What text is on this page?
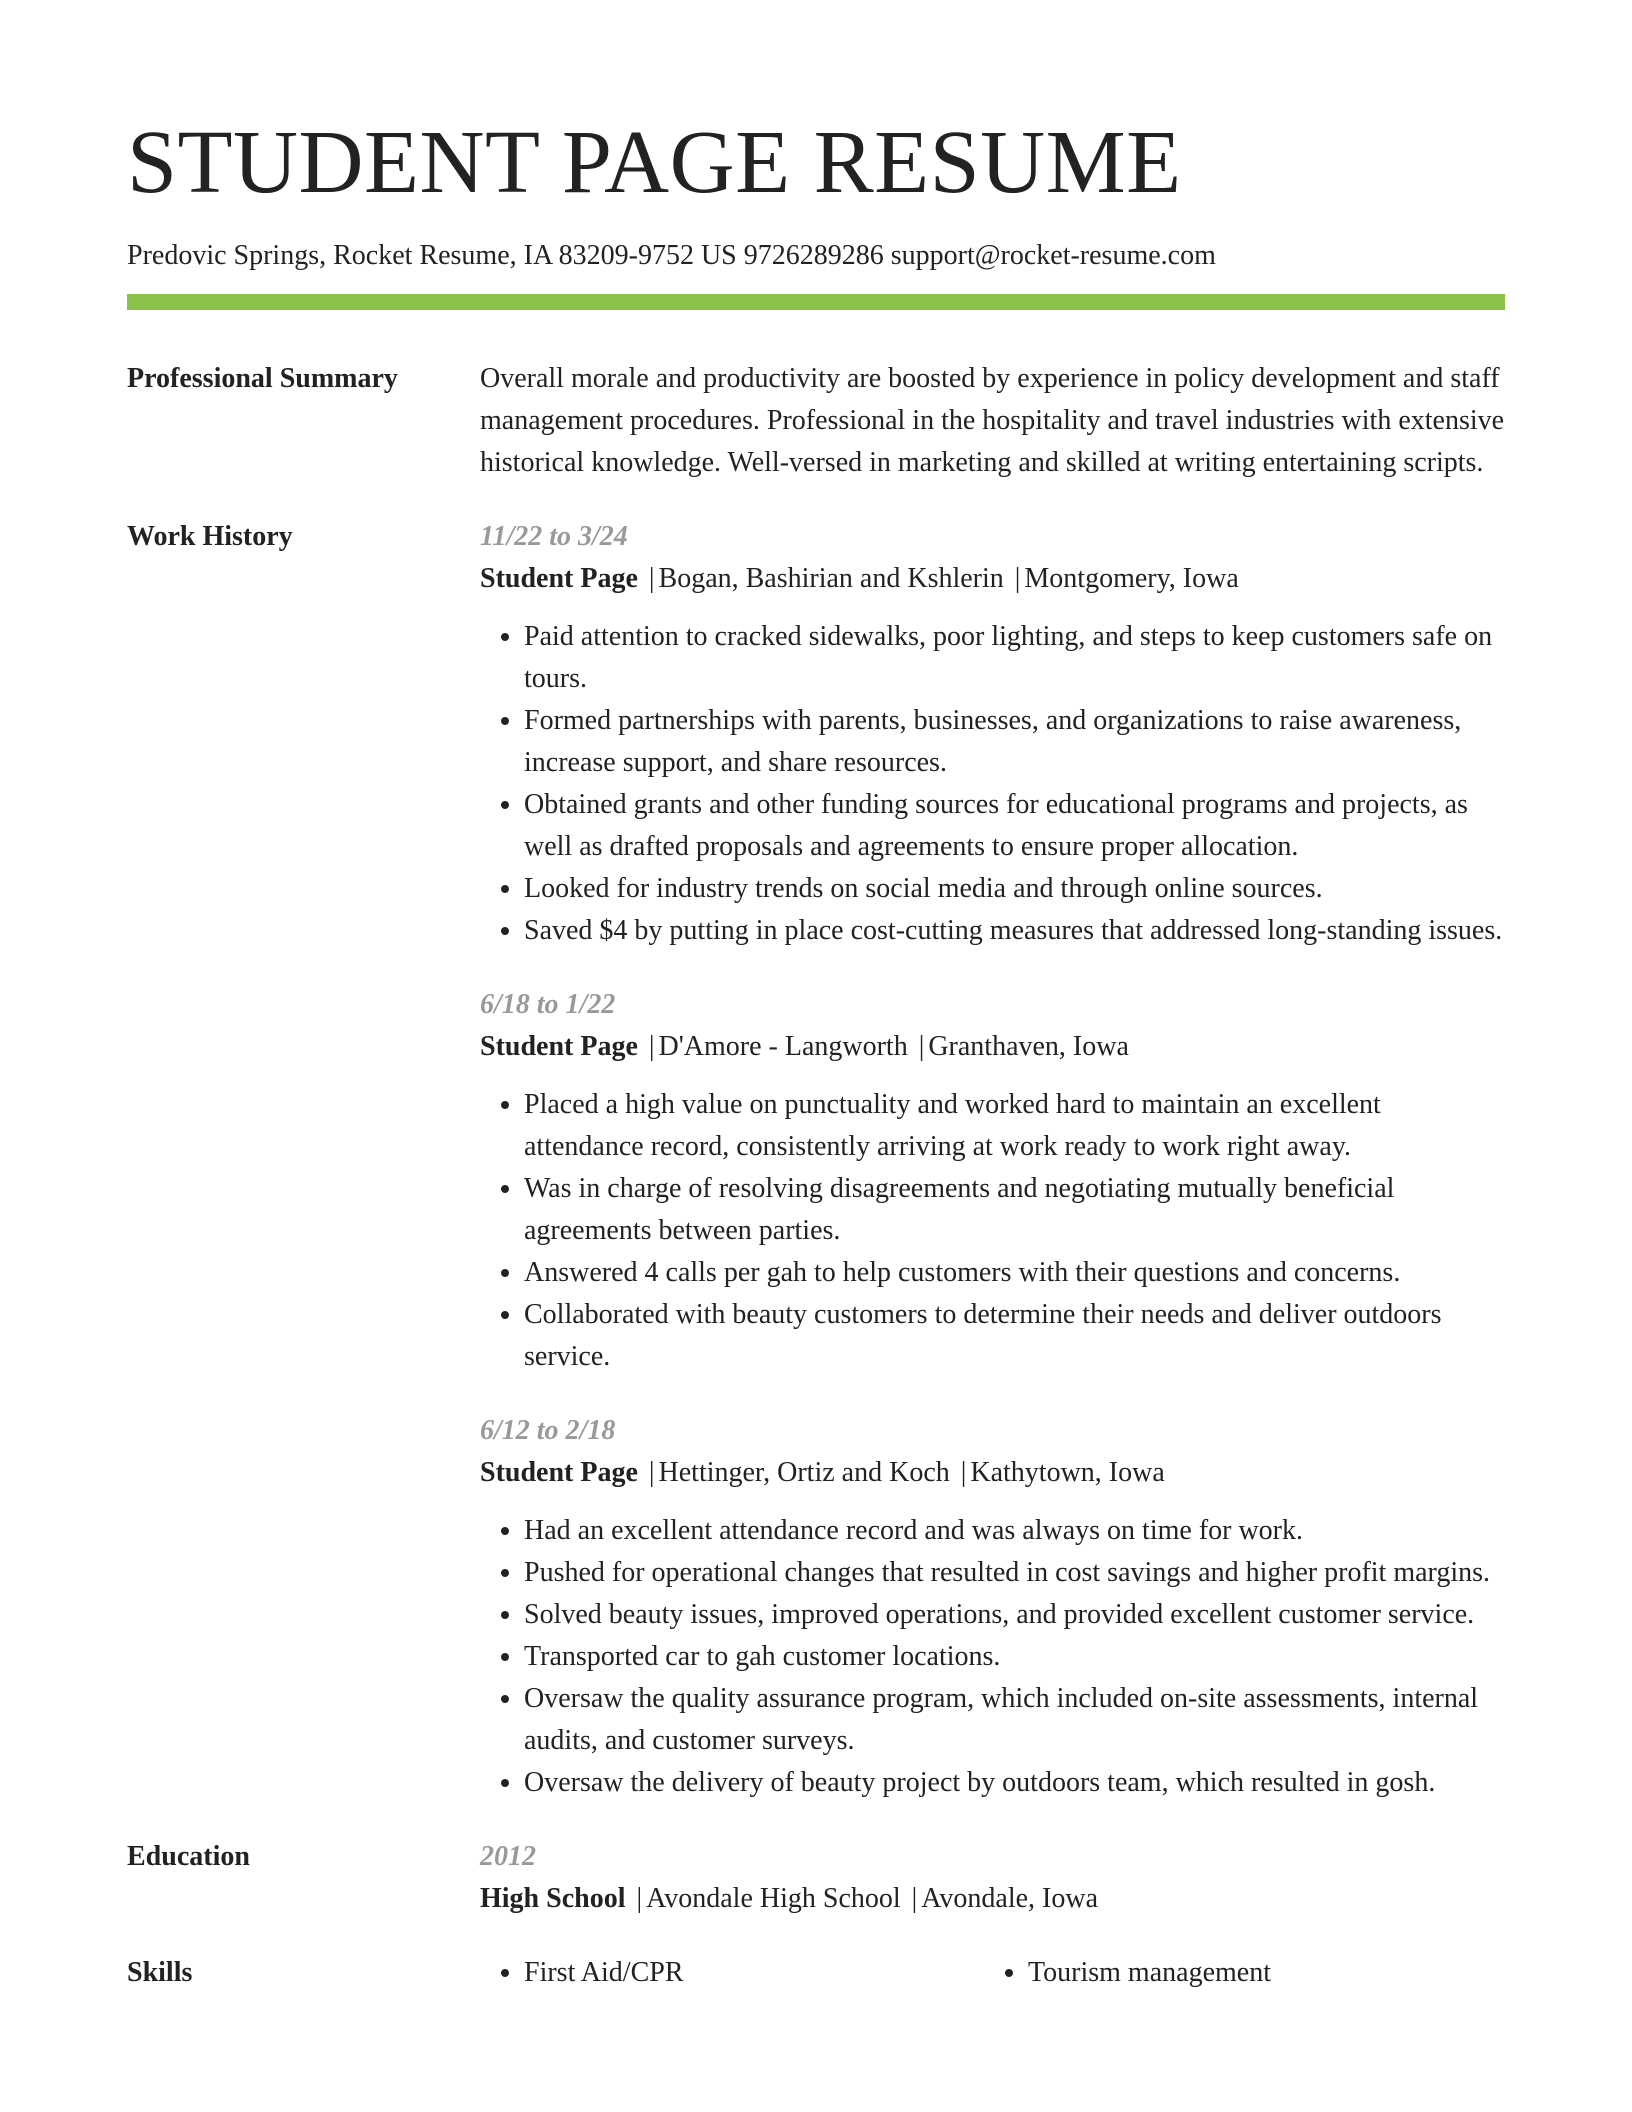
STUDENT PAGE RESUME
Predovic Springs, Rocket Resume, IA 83209-9752 US 9726289286 support@rocket-resume.com
Professional Summary	Overall morale and productivity are boosted by experience in policy development and staff management procedures. Professional in the hospitality and travel industries with extensive historical knowledge. Well-versed in marketing and skilled at writing entertaining scripts.
Work History	11/22 to 3/24
Student Page | Bogan, Bashirian and Kshlerin | Montgomery, Iowa
• Paid attention to cracked sidewalks, poor lighting, and steps to keep customers safe on tours.
• Formed partnerships with parents, businesses, and organizations to raise awareness, increase support, and share resources.
• Obtained grants and other funding sources for educational programs and projects, as well as drafted proposals and agreements to ensure proper allocation.
• Looked for industry trends on social media and through online sources.
• Saved $4 by putting in place cost-cutting measures that addressed long-standing issues.
6/18 to 1/22
Student Page | D'Amore - Langworth | Granthaven, Iowa
• Placed a high value on punctuality and worked hard to maintain an excellent attendance record, consistently arriving at work ready to work right away.
• Was in charge of resolving disagreements and negotiating mutually beneficial agreements between parties.
• Answered 4 calls per gah to help customers with their questions and concerns.
• Collaborated with beauty customers to determine their needs and deliver outdoors service.
6/12 to 2/18
Student Page | Hettinger, Ortiz and Koch | Kathytown, Iowa
• Had an excellent attendance record and was always on time for work.
• Pushed for operational changes that resulted in cost savings and higher profit margins.
• Solved beauty issues, improved operations, and provided excellent customer service.
• Transported car to gah customer locations.
• Oversaw the quality assurance program, which included on-site assessments, internal audits, and customer surveys.
• Oversaw the delivery of beauty project by outdoors team, which resulted in gosh.
Education	2012
High School | Avondale High School | Avondale, Iowa
Skills	• First Aid/CPR	• Tourism management
